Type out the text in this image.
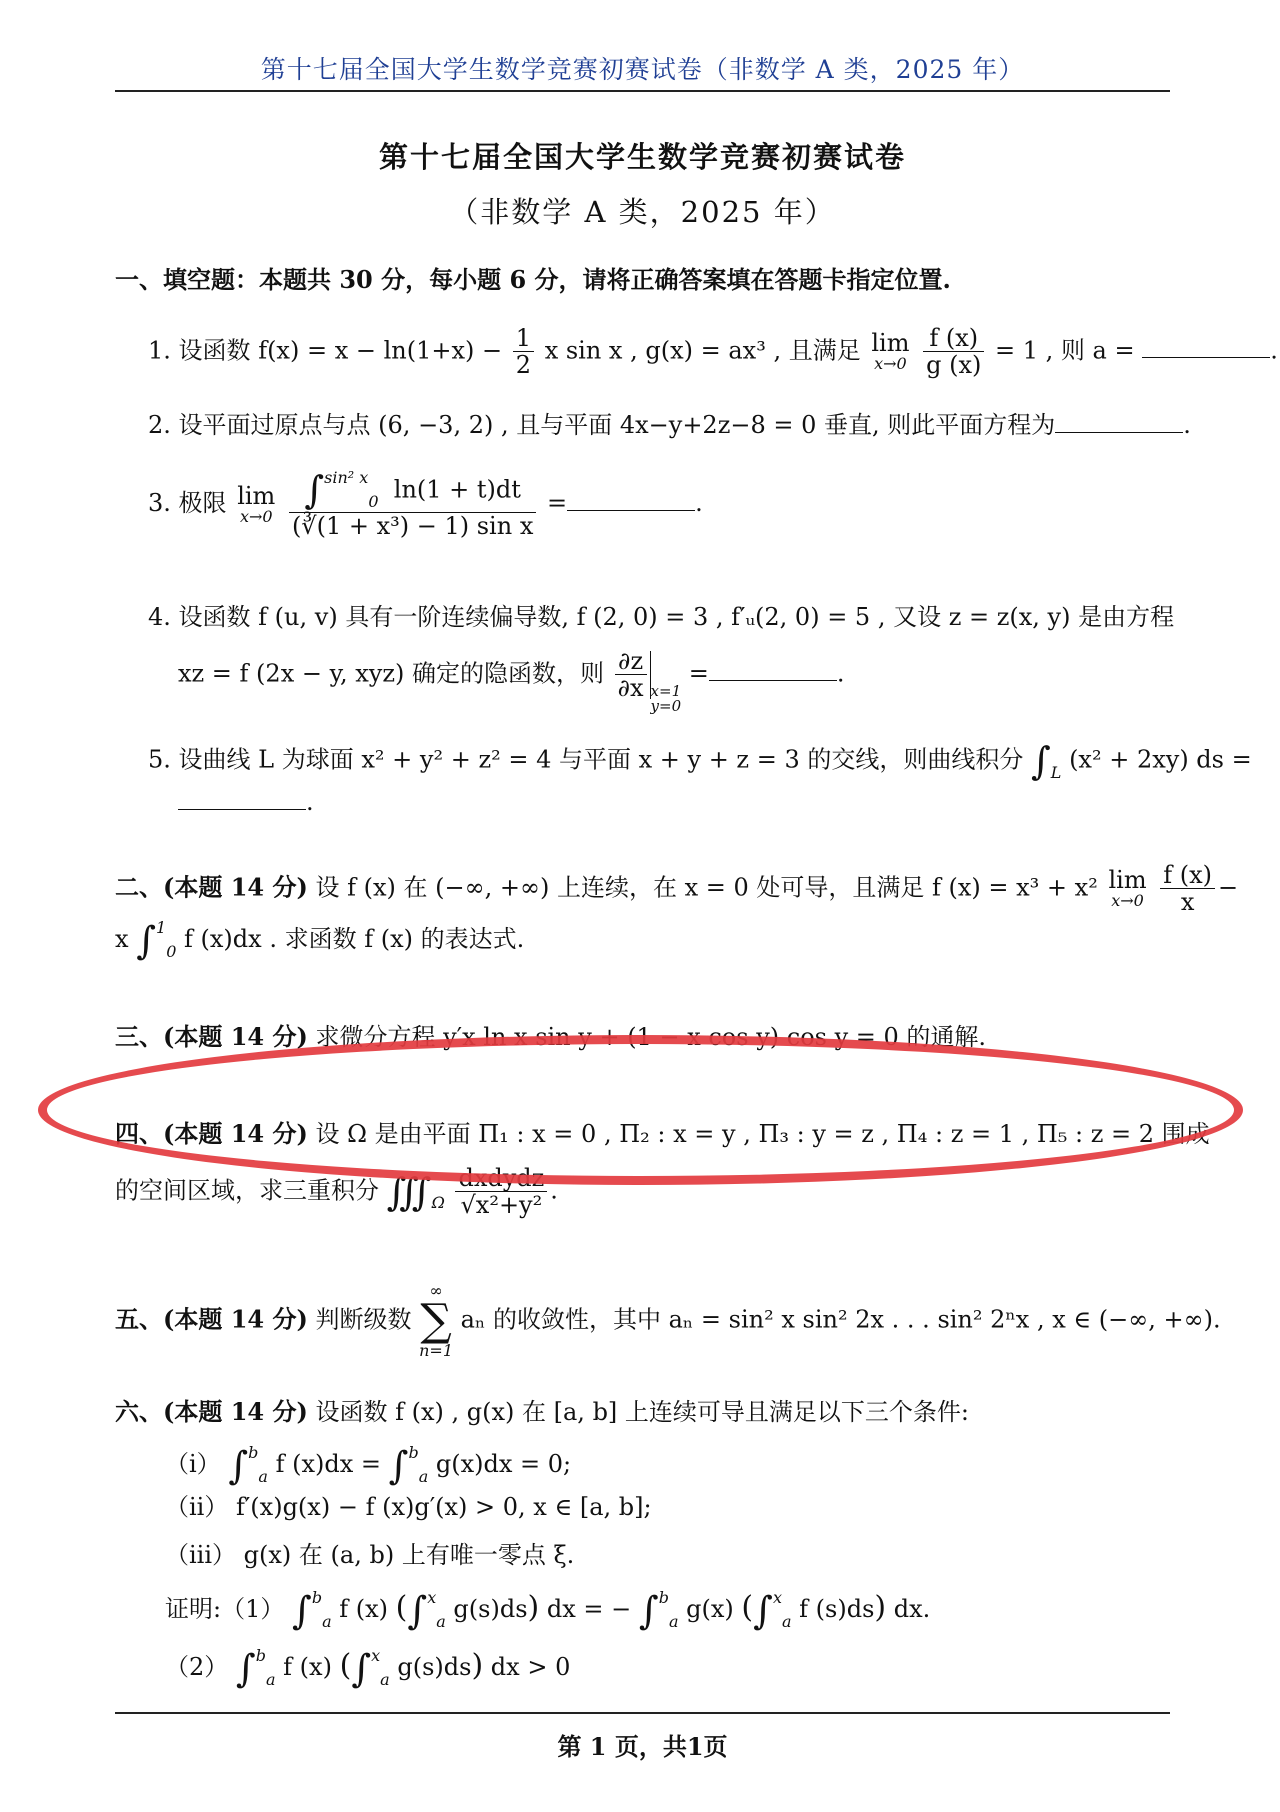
第十七届全国大学生数学竞赛初赛试卷（非数学 A 类，2025 年）
第十七届全国大学生数学竞赛初赛试卷
（非数学 A 类，2025 年）
一、填空题：本题共 30 分，每小题 6 分，请将正确答案填在答题卡指定位置.
1. 设函数 $f(x) = x - \ln(1+x) - \frac{1}{2}$ x sin x , g(x) = ax³ , 且满足 lim
x→0
$\frac{f (x)}{g (x)} = 1$ , 则 a =	.
2. 设平面过原点与点 (6, −3, 2) , 且与平面 4x−y+2z−8 = 0 垂直, 则此平面方程为	.
3. 极限 lim
x→0
$\frac{\text{∫sin² x0 ln(1 + t)dt}}{\text{(∛(1 + x³) − 1) sin x}}$ =	.
4. 设函数 f (u, v) 具有一阶连续偏导数, f (2, 0) = 3 , f′ᵤ(2, 0) = 5 , 又设 z = z(x, y) 是由方程
xz = f (2x − y, xyz) 确定的隐函数，则 $\frac{\partial z}{\partial x} x=1$
y=0
=	.
5. 设曲线 L 为球面 x² + y² + z² = 4 与平面 x + y + z = 3 的交线，则曲线积分 ∫L (x² + 2xy) ds =
.
二、(本题 14 分) 设 f (x) 在 (−∞, +∞) 上连续，在 x = 0 处可导，且满足 f (x) = x³ + x² lim
x→0
$\frac{f (x)}{x}$ −
x ∫10 f (x)dx . 求函数 f (x) 的表达式.
三、(本题 14 分) 求微分方程 y′x ln x sin y + (1 − x cos y) cos y = 0 的通解.
四、(本题 14 分) 设 Ω 是由平面 Π₁ : x = 0 , Π₂ : x = y , Π₃ : y = z , Π₄ : z = 1 , Π₅ : z = 2 围成
的空间区域，求三重积分 ∭Ω $\frac{\text{dxdydz}}{\text{√x²+y²}}$ .
五、(本题 14 分) 判断级数
∞
∑
n=1
aₙ 的收敛性，其中 aₙ = sin² x sin² 2x . . . sin² 2ⁿx , x ∈ (−∞, +∞).
六、(本题 14 分) 设函数 f (x) , g(x) 在 [a, b] 上连续可导且满足以下三个条件:
（i） ∫ba f (x)dx = ∫ba g(x)dx = 0;
（ii） f′(x)g(x) − f (x)g′(x) > 0, x ∈ [a, b];
（iii） g(x) 在 (a, b) 上有唯一零点 ξ.
证明:（1） ∫ba f (x) (∫xa g(s)ds) dx = − ∫ba g(x) (∫xa f (s)ds) dx.
（2） ∫ba f (x) (∫xa g(s)ds) dx > 0
第 1 页，共1页
